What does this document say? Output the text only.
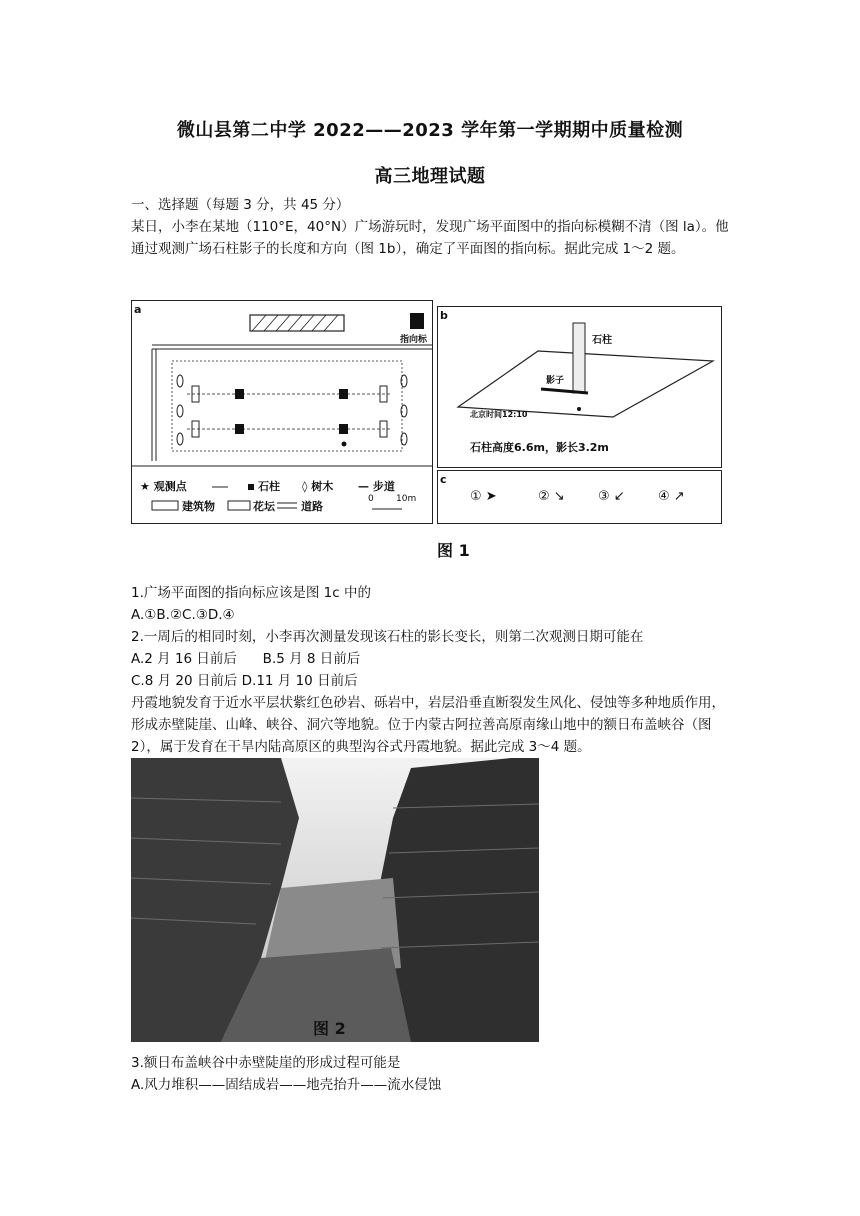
微山县第二中学 2022——2023 学年第一学期期中质量检测
高三地理试题
一、选择题（每题 3 分，共 45 分）
某日，小李在某地（110°E，40°N）广场游玩时，发现广场平面图中的指向标模糊不清（图 la）。他通过观测广场石柱影子的长度和方向（图 1b），确定了平面图的指向标。据此完成 1～2 题。
a
指向标
★ 观测点	石柱 ◊ 树木 — 步道
建筑物	花坛 道路
0 10m
b
石柱
影子
北京时间12:10
石柱高度6.6m，影长3.2m
c
① ➤	② ↘	③ ↙	④ ↗
图 1
1.广场平面图的指向标应该是图 1c 中的
A.①B.②C.③D.④
2.一周后的相同时刻，小李再次测量发现该石柱的影长变长，则第二次观测日期可能在
A.2 月 16 日前后      B.5 月 8 日前后
C.8 月 20 日前后 D.11 月 10 日前后
丹霞地貌发育于近水平层状紫红色砂岩、砾岩中，岩层沿垂直断裂发生风化、侵蚀等多种地质作用，形成赤壁陡崖、山峰、峡谷、洞穴等地貌。位于内蒙古阿拉善高原南缘山地中的额日布盖峡谷（图 2），属于发育在干旱内陆高原区的典型沟谷式丹霞地貌。据此完成 3～4 题。
图 2
3.额日布盖峡谷中赤壁陡崖的形成过程可能是
A.风力堆积——固结成岩——地壳抬升——流水侵蚀
